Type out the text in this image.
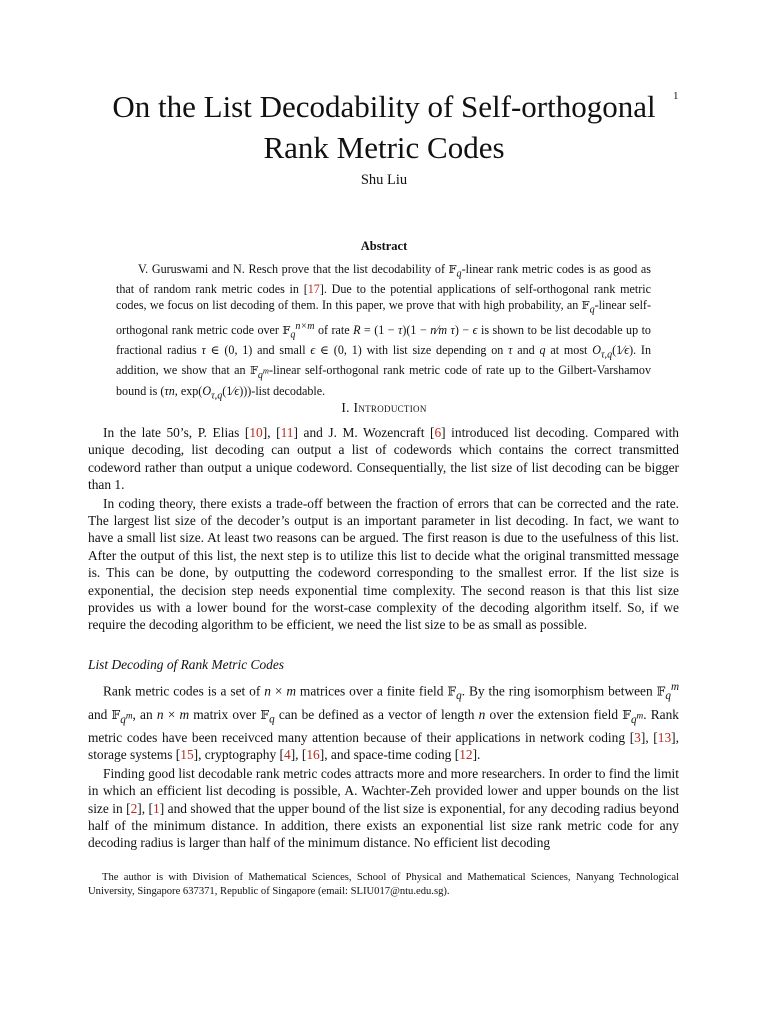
1
On the List Decodability of Self-orthogonal Rank Metric Codes
Shu Liu
Abstract

V. Guruswami and N. Resch prove that the list decodability of 𝔽$_q$-linear rank metric codes is as good as that of random rank metric codes in [17]. Due to the potential applications of self-orthogonal rank metric codes, we focus on list decoding of them. In this paper, we prove that with high probability, an 𝔽$_q$-linear self-orthogonal rank metric code over 𝔽$_q^{n\times m}$ of rate R = (1 − τ)(1 − n⁄m τ) − ϵ is shown to be list decodable up to fractional radius τ ∈ (0, 1) and small ϵ ∈ (0, 1) with list size depending on τ and q at most $O_{\tau,q}(1⁄\epsilon)$. In addition, we show that an 𝔽$_{q^m}$-linear self-orthogonal rank metric code of rate up to the Gilbert-Varshamov bound is (τn, $\exp(O_{\tau,q}(1⁄\epsilon))$)-list decodable.

I. Introduction

In the late 50’s, P. Elias [10], [11] and J. M. Wozencraft [6] introduced list decoding. Compared with unique decoding, list decoding can output a list of codewords which contains the correct transmitted codeword rather than output a unique codeword. Consequentially, the list size of list decoding can be bigger than 1.

In coding theory, there exists a trade-off between the fraction of errors that can be corrected and the rate. The largest list size of the decoder’s output is an important parameter in list decoding. In fact, we want to have a small list size. At least two reasons can be argued. The first reason is due to the usefulness of this list. After the output of this list, the next step is to utilize this list to decide what the original transmitted message is. This can be done, by outputting the codeword corresponding to the smallest error. If the list size is exponential, the decision step needs exponential time complexity. The second reason is that this list size provides us with a lower bound for the worst-case complexity of the decoding algorithm itself. So, if we require the decoding algorithm to be efficient, we need the list size to be as small as possible.

List Decoding of Rank Metric Codes

Rank metric codes is a set of n × m matrices over a finite field 𝔽$_q$. By the ring isomorphism between 𝔽$_q^m$ and 𝔽$_{q^m}$, an n × m matrix over 𝔽$_q$ can be defined as a vector of length n over the extension field 𝔽$_{q^m}$. Rank metric codes have been receivced many attention because of their applications in network coding [3], [13], storage systems [15], cryptography [4], [16], and space-time coding [12].

Finding good list decodable rank metric codes attracts more and more researchers. In order to find the limit in which an efficient list decoding is possible, A. Wachter-Zeh provided lower and upper bounds on the list size in [2], [1] and showed that the upper bound of the list size is exponential, for any decoding radius beyond half of the minimum distance. In addition, there exists an exponential list size rank metric code for any decoding radius is larger than half of the minimum distance. No efficient list decoding

The author is with Division of Mathematical Sciences, School of Physical and Mathematical Sciences, Nanyang Technological University, Singapore 637371, Republic of Singapore (email: SLIU017@ntu.edu.sg).
